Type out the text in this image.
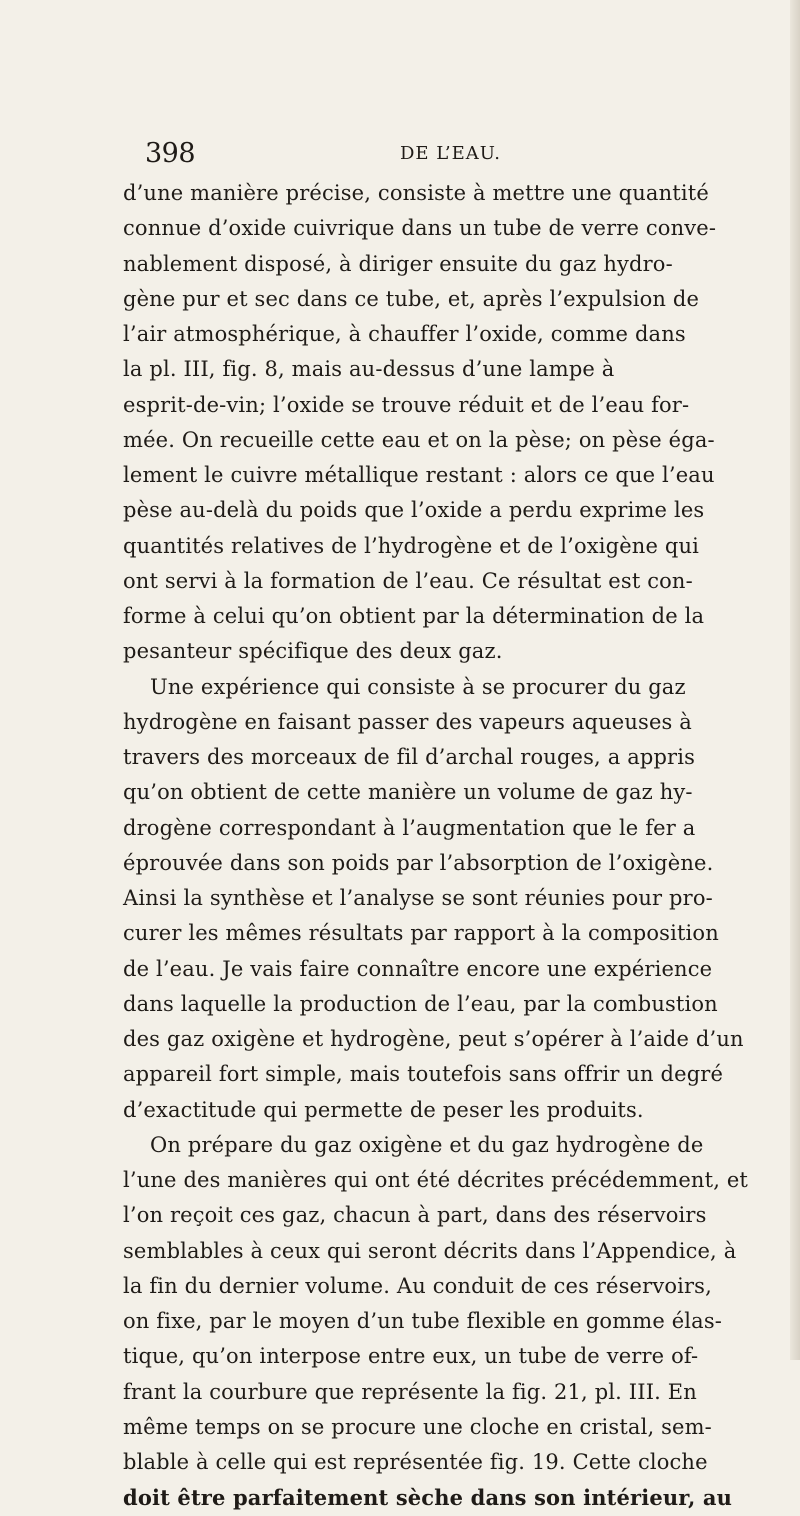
398	DE L’EAU.
d’une manière précise, consiste à mettre une quantité
connue d’oxide cuivrique dans un tube de verre conve-
nablement disposé, à diriger ensuite du gaz hydro-
gène pur et sec dans ce tube, et, après l’expulsion de
l’air atmosphérique, à chauffer l’oxide, comme dans
la pl. III, fig. 8, mais au-dessus d’une lampe à
esprit-de-vin; l’oxide se trouve réduit et de l’eau for-
mée. On recueille cette eau et on la pèse; on pèse éga-
lement le cuivre métallique restant : alors ce que l’eau
pèse au-delà du poids que l’oxide a perdu exprime les
quantités relatives de l’hydrogène et de l’oxigène qui
ont servi à la formation de l’eau. Ce résultat est con-
forme à celui qu’on obtient par la détermination de la
pesanteur spécifique des deux gaz.
Une expérience qui consiste à se procurer du gaz
hydrogène en faisant passer des vapeurs aqueuses à
travers des morceaux de fil d’archal rouges, a appris
qu’on obtient de cette manière un volume de gaz hy-
drogène correspondant à l’augmentation que le fer a
éprouvée dans son poids par l’absorption de l’oxigène.
Ainsi la synthèse et l’analyse se sont réunies pour pro-
curer les mêmes résultats par rapport à la composition
de l’eau. Je vais faire connaître encore une expérience
dans laquelle la production de l’eau, par la combustion
des gaz oxigène et hydrogène, peut s’opérer à l’aide d’un
appareil fort simple, mais toutefois sans offrir un degré
d’exactitude qui permette de peser les produits.
On prépare du gaz oxigène et du gaz hydrogène de
l’une des manières qui ont été décrites précédemment, et
l’on reçoit ces gaz, chacun à part, dans des réservoirs
semblables à ceux qui seront décrits dans l’Appendice, à
la fin du dernier volume. Au conduit de ces réservoirs,
on fixe, par le moyen d’un tube flexible en gomme élas-
tique, qu’on interpose entre eux, un tube de verre of-
frant la courbure que représente la fig. 21, pl. III. En
même temps on se procure une cloche en cristal, sem-
blable à celle qui est représentée fig. 19. Cette cloche
doit être parfaitement sèche dans son intérieur, au
